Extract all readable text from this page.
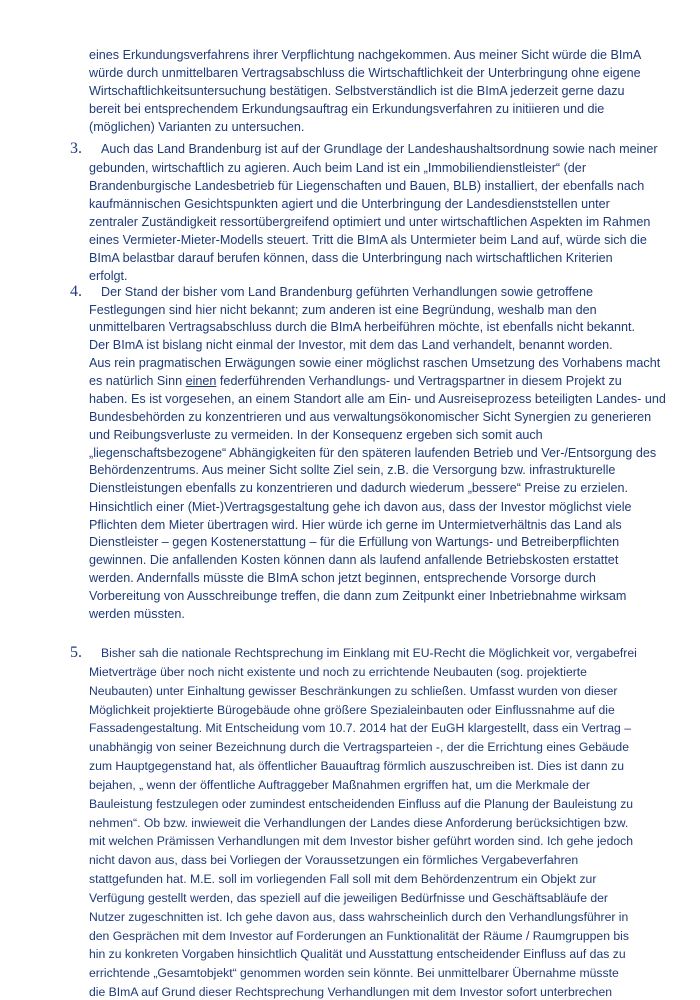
eines Erkundungsverfahrens ihrer Verpflichtung nachgekommen. Aus meiner Sicht würde die BImA
würde durch unmittelbaren Vertragsabschluss die Wirtschaftlichkeit der Unterbringung ohne eigene
Wirtschaftlichkeitsuntersuchung bestätigen. Selbstverständlich ist die BImA jederzeit gerne dazu
bereit bei entsprechendem Erkundungsauftrag ein Erkundungsverfahren zu initiieren und die
(möglichen) Varianten zu untersuchen.
3. Auch das Land Brandenburg ist auf der Grundlage der Landeshaushaltsordnung sowie nach meiner
gebunden, wirtschaftlich zu agieren. Auch beim Land ist ein „Immobiliendienstleister“ (der
Brandenburgische Landesbetrieb für Liegenschaften und Bauen, BLB) installiert, der ebenfalls nach
kaufmännischen Gesichtspunkten agiert und die Unterbringung der Landesdienststellen unter
zentraler Zuständigkeit ressortübergreifend optimiert und unter wirtschaftlichen Aspekten im Rahmen
eines Vermieter-Mieter-Modells steuert. Tritt die BImA als Untermieter beim Land auf, würde sich die
BImA belastbar darauf berufen können, dass die Unterbringung nach wirtschaftlichen Kriterien
erfolgt.
4. Der Stand der bisher vom Land Brandenburg geführten Verhandlungen sowie getroffene
Festlegungen sind hier nicht bekannt; zum anderen ist eine Begründung, weshalb man den
unmittelbaren Vertragsabschluss durch die BImA herbeiführen möchte, ist ebenfalls nicht bekannt.
Der BImA ist bislang nicht einmal der Investor, mit dem das Land verhandelt, benannt worden.
Aus rein pragmatischen Erwägungen sowie einer möglichst raschen Umsetzung des Vorhabens macht
es natürlich Sinn einen federführenden Verhandlungs- und Vertragspartner in diesem Projekt zu
haben. Es ist vorgesehen, an einem Standort alle am Ein- und Ausreiseprozess beteiligten Landes- und
Bundesbehörden zu konzentrieren und aus verwaltungsökonomischer Sicht Synergien zu generieren
und Reibungsverluste zu vermeiden. In der Konsequenz ergeben sich somit auch
„liegenschaftsbezogene“ Abhängigkeiten für den späteren laufenden Betrieb und Ver-/Entsorgung des
Behördenzentrums. Aus meiner Sicht sollte Ziel sein, z.B. die Versorgung bzw. infrastrukturelle
Dienstleistungen ebenfalls zu konzentrieren und dadurch wiederum „bessere“ Preise zu erzielen.
Hinsichtlich einer (Miet-)Vertragsgestaltung gehe ich davon aus, dass der Investor möglichst viele
Pflichten dem Mieter übertragen wird. Hier würde ich gerne im Untermietverhältnis das Land als
Dienstleister – gegen Kostenerstattung – für die Erfüllung von Wartungs- und Betreiberpflichten
gewinnen. Die anfallenden Kosten können dann als laufend anfallende Betriebskosten erstattet
werden. Andernfalls müsste die BImA schon jetzt beginnen, entsprechende Vorsorge durch
Vorbereitung von Ausschreibunge treffen, die dann zum Zeitpunkt einer Inbetriebnahme wirksam
werden müssten.
5. Bisher sah die nationale Rechtsprechung im Einklang mit EU-Recht die Möglichkeit vor, vergabefrei
Mietverträge über noch nicht existente und noch zu errichtende Neubauten (sog. projektierte
Neubauten) unter Einhaltung gewisser Beschränkungen zu schließen. Umfasst wurden von dieser
Möglichkeit projektierte Bürogebäude ohne größere Spezialeinbauten oder Einflussnahme auf die
Fassadengestaltung. Mit Entscheidung vom 10.7. 2014 hat der EuGH klargestellt, dass ein Vertrag –
unabhängig von seiner Bezeichnung durch die Vertragsparteien -, der die Errichtung eines Gebäude
zum Hauptgegenstand hat, als öffentlicher Bauauftrag förmlich auszuschreiben ist. Dies ist dann zu
bejahen, „ wenn der öffentliche Auftraggeber Maßnahmen ergriffen hat, um die Merkmale der
Bauleistung festzulegen oder zumindest entscheidenden Einfluss auf die Planung der Bauleistung zu
nehmen“. Ob bzw. inwieweit die Verhandlungen der Landes diese Anforderung berücksichtigen bzw.
mit welchen Prämissen Verhandlungen mit dem Investor bisher geführt worden sind. Ich gehe jedoch
nicht davon aus, dass bei Vorliegen der Voraussetzungen ein förmliches Vergabeverfahren
stattgefunden hat. M.E. soll im vorliegenden Fall soll mit dem Behördenzentrum ein Objekt zur
Verfügung gestellt werden, das speziell auf die jeweiligen Bedürfnisse und Geschäftsabläufe der
Nutzer zugeschnitten ist. Ich gehe davon aus, dass wahrscheinlich durch den Verhandlungsführer in
den Gesprächen mit dem Investor auf Forderungen an Funktionalität der Räume / Raumgruppen bis
hin zu konkreten Vorgaben hinsichtlich Qualität und Ausstattung entscheidender Einfluss auf das zu
errichtende „Gesamtobjekt“ genommen worden sein könnte. Bei unmittelbarer Übernahme müsste
die BImA auf Grund dieser Rechtsprechung Verhandlungen mit dem Investor sofort unterbrechen
